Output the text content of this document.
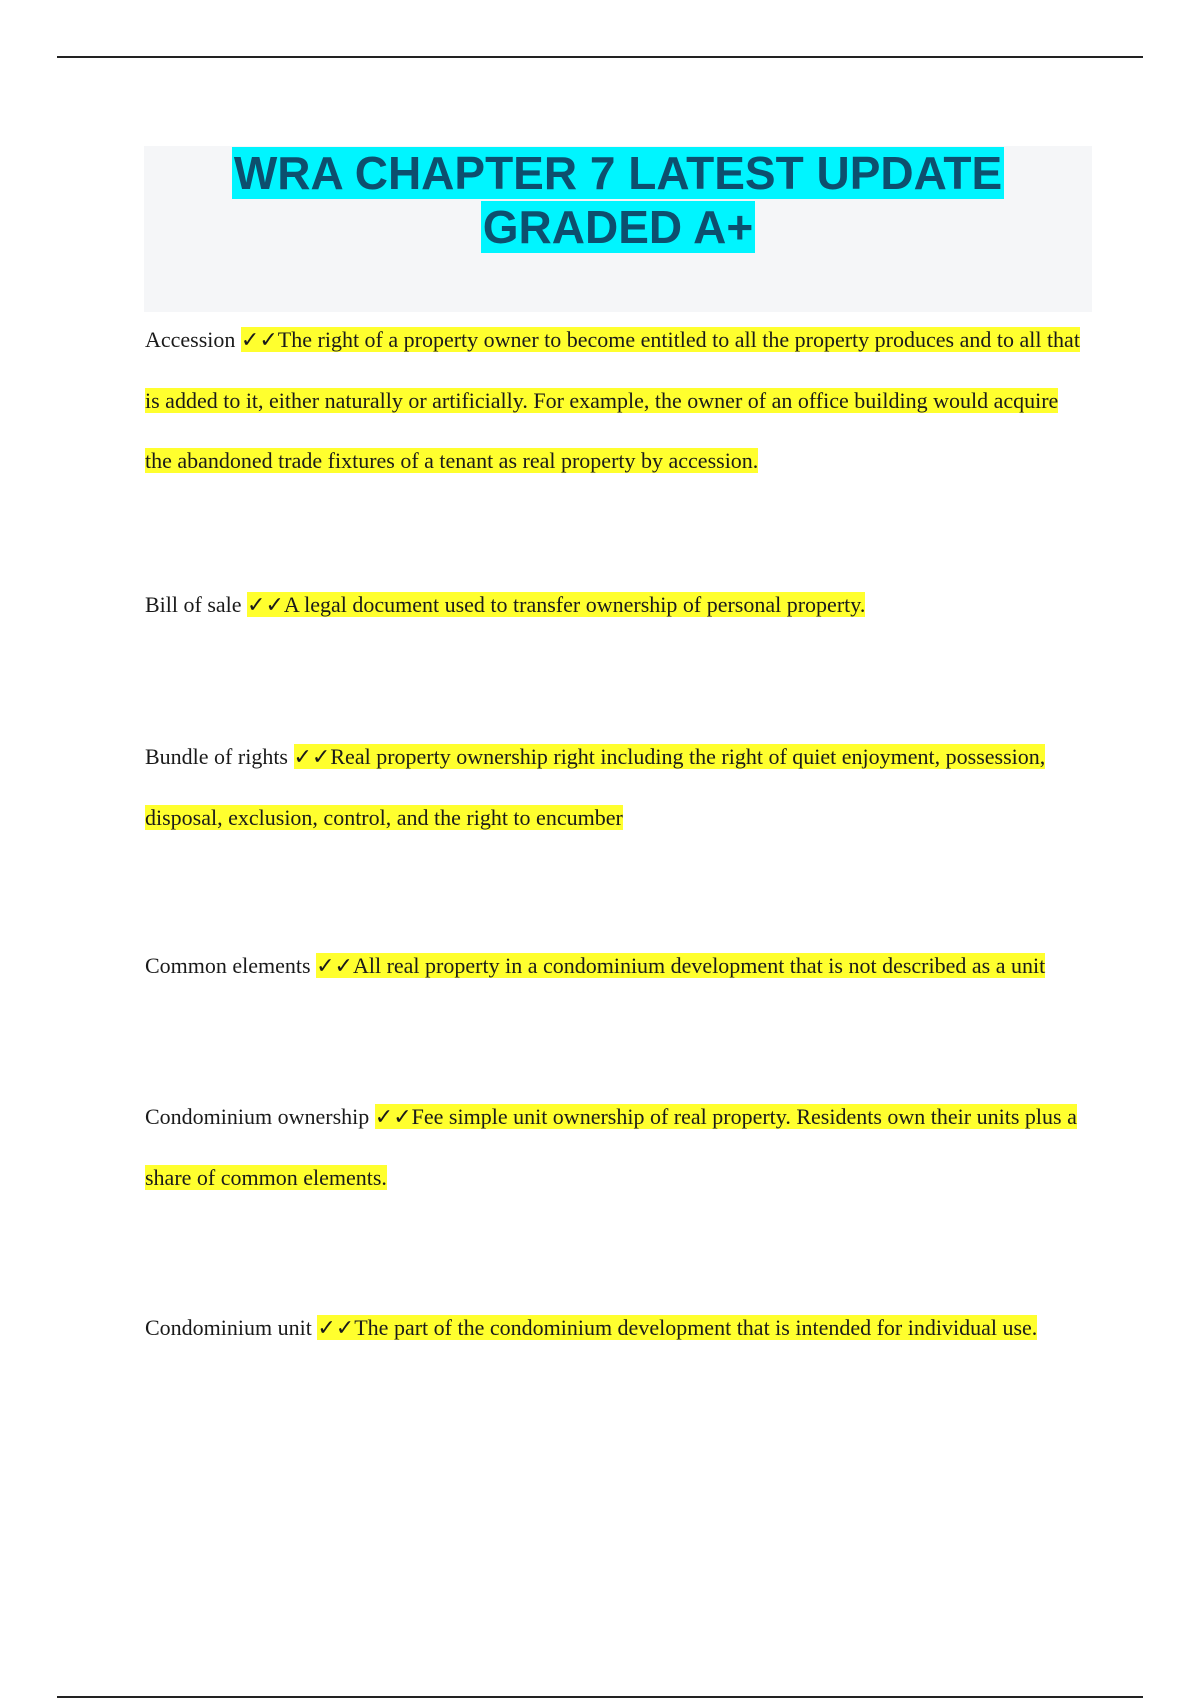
WRA CHAPTER 7 LATEST UPDATE GRADED A+

Accession ✓✓The right of a property owner to become entitled to all the property produces and to all that is added to it, either naturally or artificially. For example, the owner of an office building would acquire the abandoned trade fixtures of a tenant as real property by accession.

Bill of sale ✓✓A legal document used to transfer ownership of personal property.

Bundle of rights ✓✓Real property ownership right including the right of quiet enjoyment, possession, disposal, exclusion, control, and the right to encumber

Common elements ✓✓All real property in a condominium development that is not described as a unit

Condominium ownership ✓✓Fee simple unit ownership of real property. Residents own their units plus a share of common elements.

Condominium unit ✓✓The part of the condominium development that is intended for individual use.
